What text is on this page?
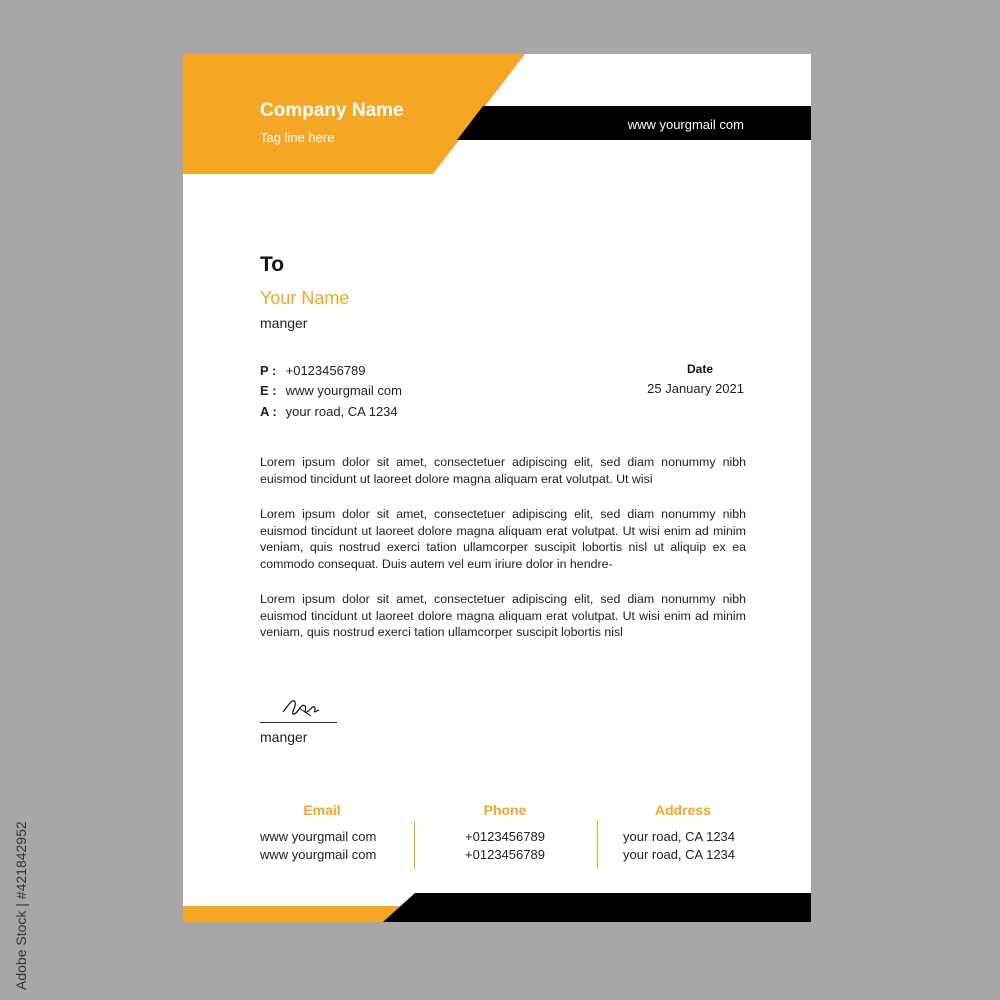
Company Name
Tag line here
www yourgmail com
To
Your Name
manger
P : +0123456789
E : www yourgmail com
A : your road, CA 1234
Date
25 January 2021
Lorem ipsum dolor sit amet, consectetuer adipiscing elit, sed diam nonummy nibh euismod tincidunt ut laoreet dolore magna aliquam erat volutpat. Ut wisi
Lorem ipsum dolor sit amet, consectetuer adipiscing elit, sed diam nonummy nibh euismod tincidunt ut laoreet dolore magna aliquam erat volutpat. Ut wisi enim ad minim veniam, quis nostrud exerci tation ullamcorper suscipit lobortis nisl ut aliquip ex ea commodo consequat. Duis autem vel eum iriure dolor in hendre-
Lorem ipsum dolor sit amet, consectetuer adipiscing elit, sed diam nonummy nibh euismod tincidunt ut laoreet dolore magna aliquam erat volutpat. Ut wisi enim ad minim veniam, quis nostrud exerci tation ullamcorper suscipit lobortis nisl
manger
Email
www yourgmail com
www yourgmail com
Phone
+0123456789
+0123456789
Address
your road, CA 1234
your road, CA 1234
Adobe Stock | #421842952
